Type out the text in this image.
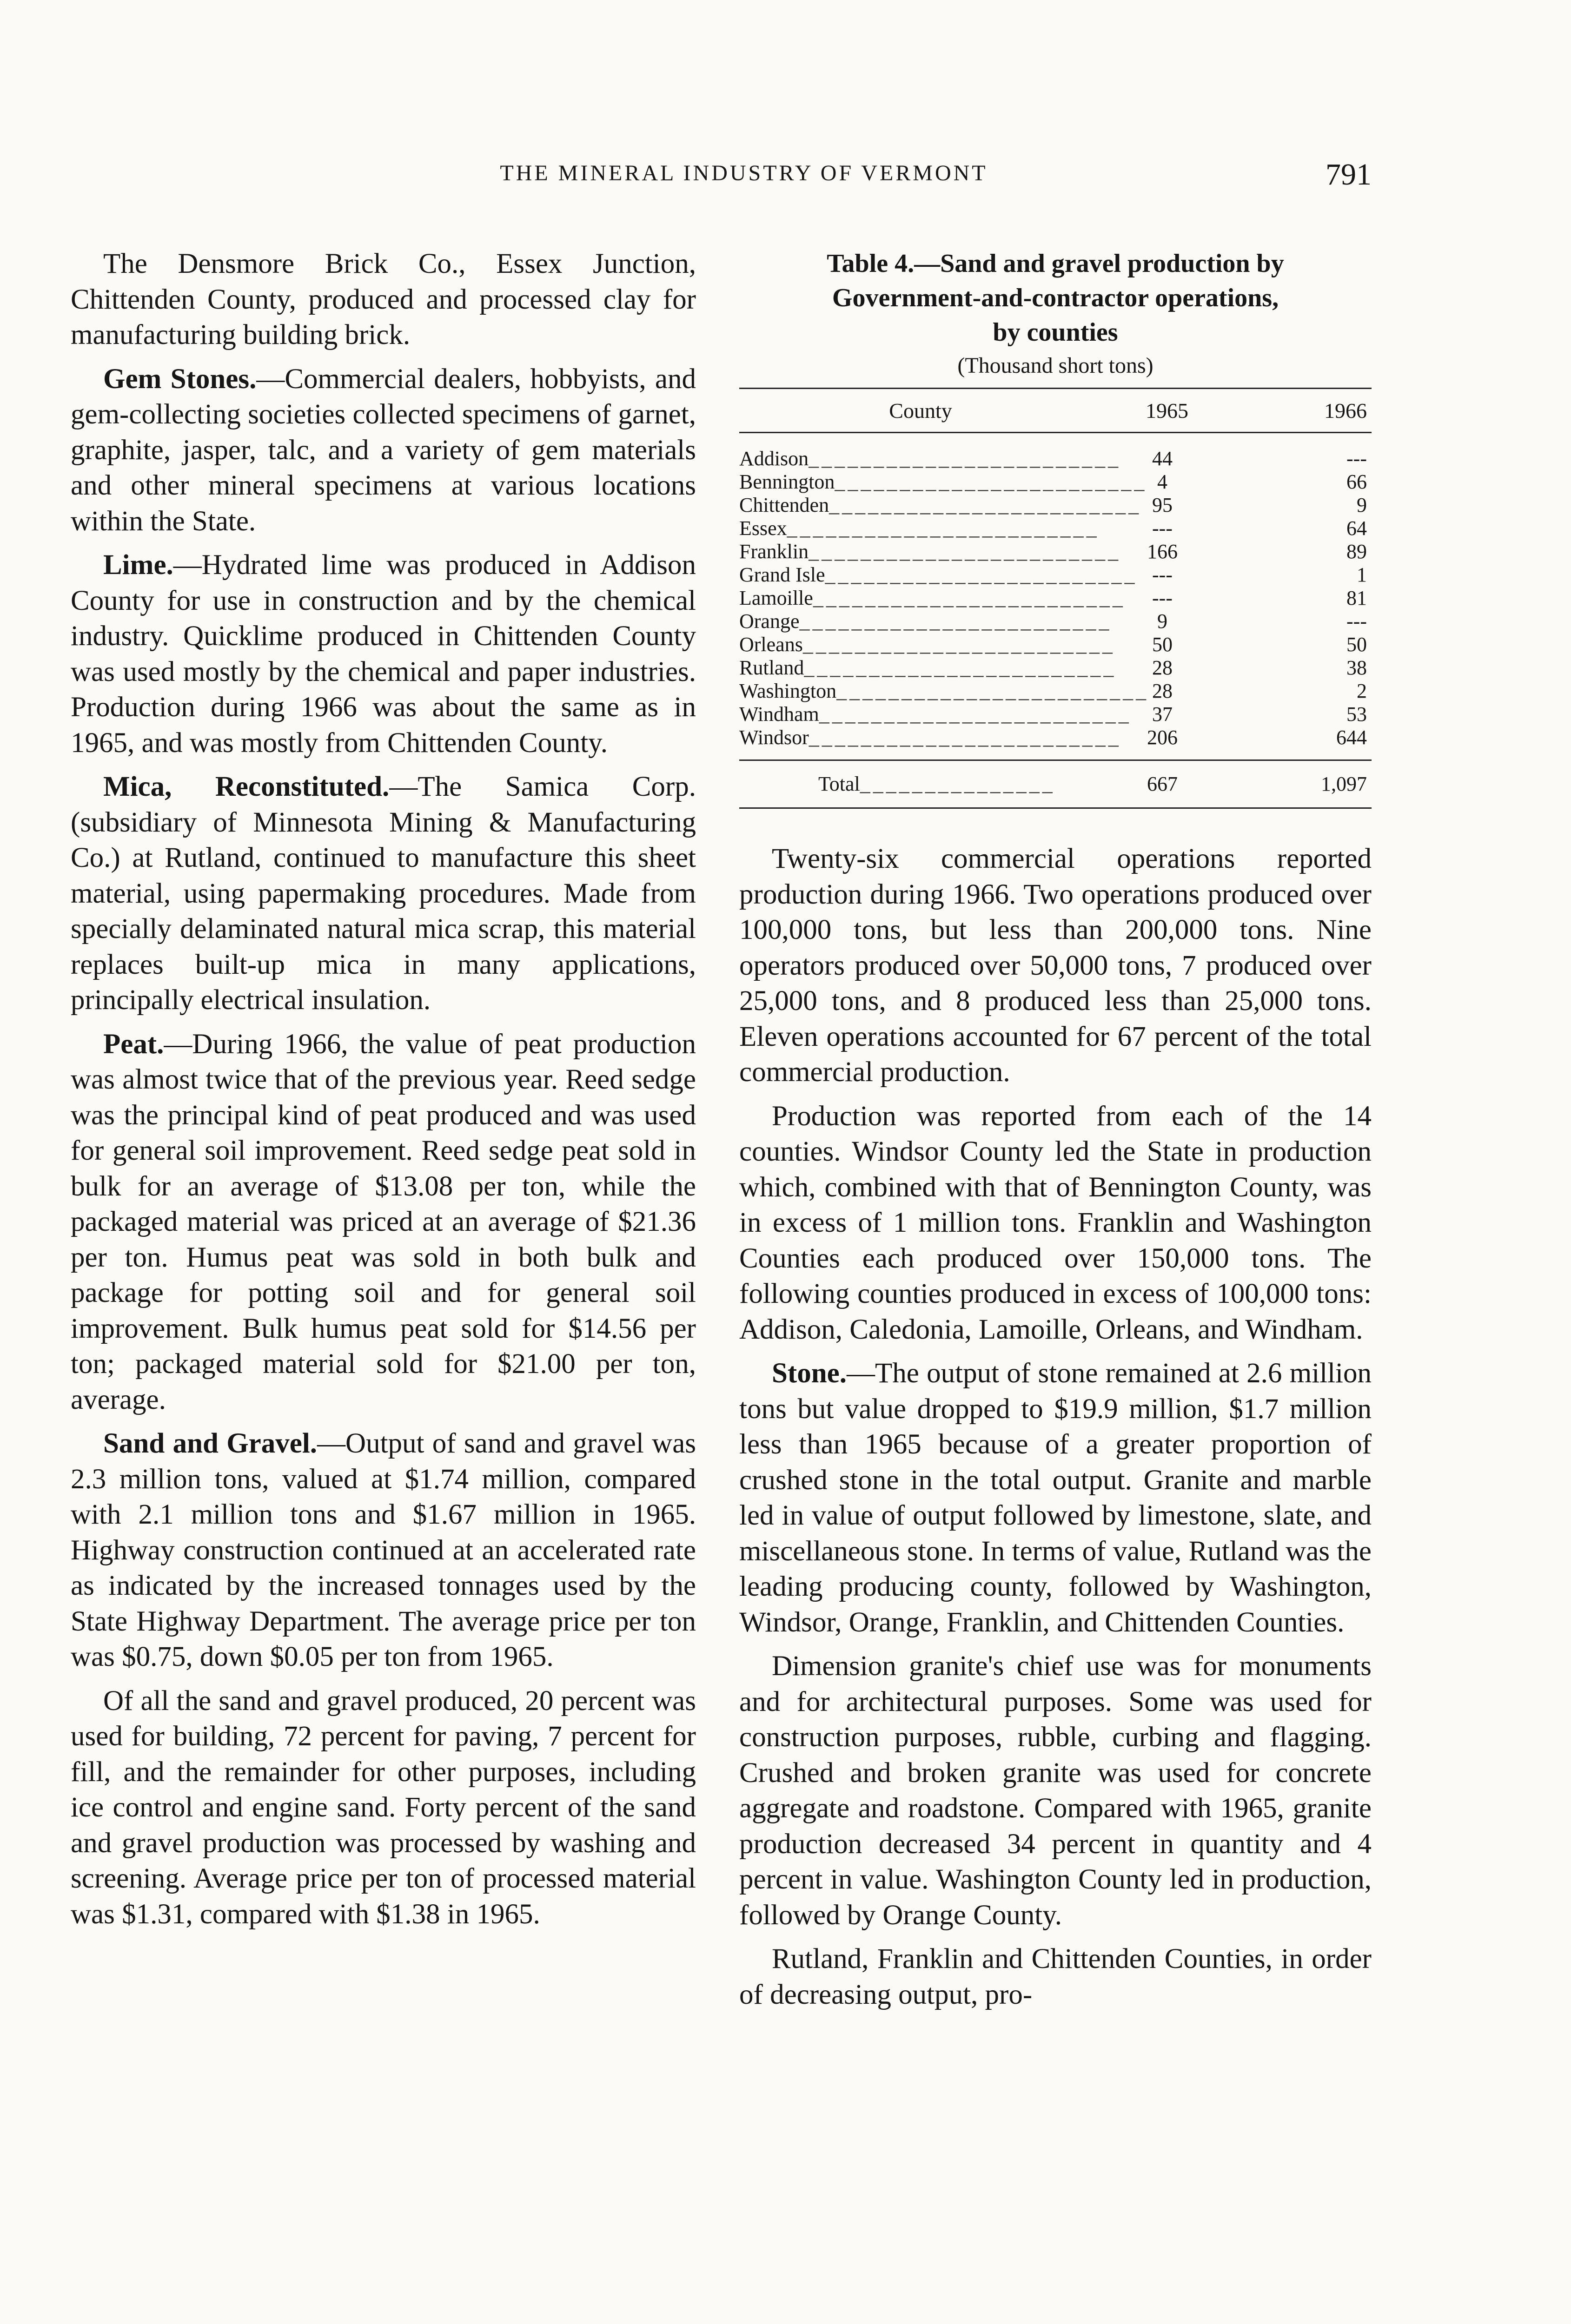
THE MINERAL INDUSTRY OF VERMONT	791

The Densmore Brick Co., Essex Junction, Chittenden County, produced and processed clay for manufacturing building brick.

Gem Stones.—Commercial dealers, hobbyists, and gem-collecting societies collected specimens of garnet, graphite, jasper, talc, and a variety of gem materials and other mineral specimens at various locations within the State.

Lime.—Hydrated lime was produced in Addison County for use in construction and by the chemical industry. Quicklime produced in Chittenden County was used mostly by the chemical and paper industries. Production during 1966 was about the same as in 1965, and was mostly from Chittenden County.

Mica, Reconstituted.—The Samica Corp. (subsidiary of Minnesota Mining & Manufacturing Co.) at Rutland, continued to manufacture this sheet material, using papermaking procedures. Made from specially delaminated natural mica scrap, this material replaces built-up mica in many applications, principally electrical insulation.

Peat.—During 1966, the value of peat production was almost twice that of the previous year. Reed sedge was the principal kind of peat produced and was used for general soil improvement. Reed sedge peat sold in bulk for an average of $13.08 per ton, while the packaged material was priced at an average of $21.36 per ton. Humus peat was sold in both bulk and package for potting soil and for general soil improvement. Bulk humus peat sold for $14.56 per ton; packaged material sold for $21.00 per ton, average.

Sand and Gravel.—Output of sand and gravel was 2.3 million tons, valued at $1.74 million, compared with 2.1 million tons and $1.67 million in 1965. Highway construction continued at an accelerated rate as indicated by the increased tonnages used by the State Highway Department. The average price per ton was $0.75, down $0.05 per ton from 1965.

Of all the sand and gravel produced, 20 percent was used for building, 72 percent for paving, 7 percent for fill, and the remainder for other purposes, including ice control and engine sand. Forty percent of the sand and gravel production was processed by washing and screening. Average price per ton of processed material was $1.31, compared with $1.38 in 1965.

Table 4.—Sand and gravel production by
Government-and-contractor operations,
by counties
(Thousand short tons)
County	1965	1966
Addison________________________	44	---
Bennington________________________ 4	66
Chittenden________________________ 95	9
Essex________________________	---	64
Franklin________________________	166	89
Grand Isle________________________ ---	1
Lamoille________________________	---	81
Orange________________________	9	---
Orleans________________________	50	50
Rutland________________________	28	38
Washington________________________ 28	2
Windham________________________	37	53
Windsor________________________	206	644
Total_______________	667	1,097

Twenty-six commercial operations reported production during 1966. Two operations produced over 100,000 tons, but less than 200,000 tons. Nine operators produced over 50,000 tons, 7 produced over 25,000 tons, and 8 produced less than 25,000 tons. Eleven operations accounted for 67 percent of the total commercial production.

Production was reported from each of the 14 counties. Windsor County led the State in production which, combined with that of Bennington County, was in excess of 1 million tons. Franklin and Washington Counties each produced over 150,000 tons. The following counties produced in excess of 100,000 tons: Addison, Caledonia, Lamoille, Orleans, and Windham.

Stone.—The output of stone remained at 2.6 million tons but value dropped to $19.9 million, $1.7 million less than 1965 because of a greater proportion of crushed stone in the total output. Granite and marble led in value of output followed by limestone, slate, and miscellaneous stone. In terms of value, Rutland was the leading producing county, followed by Washington, Windsor, Orange, Franklin, and Chittenden Counties.

Dimension granite's chief use was for monuments and for architectural purposes. Some was used for construction purposes, rubble, curbing and flagging. Crushed and broken granite was used for concrete aggregate and roadstone. Compared with 1965, granite production decreased 34 percent in quantity and 4 percent in value. Washington County led in production, followed by Orange County.

Rutland, Franklin and Chittenden Counties, in order of decreasing output, pro-
